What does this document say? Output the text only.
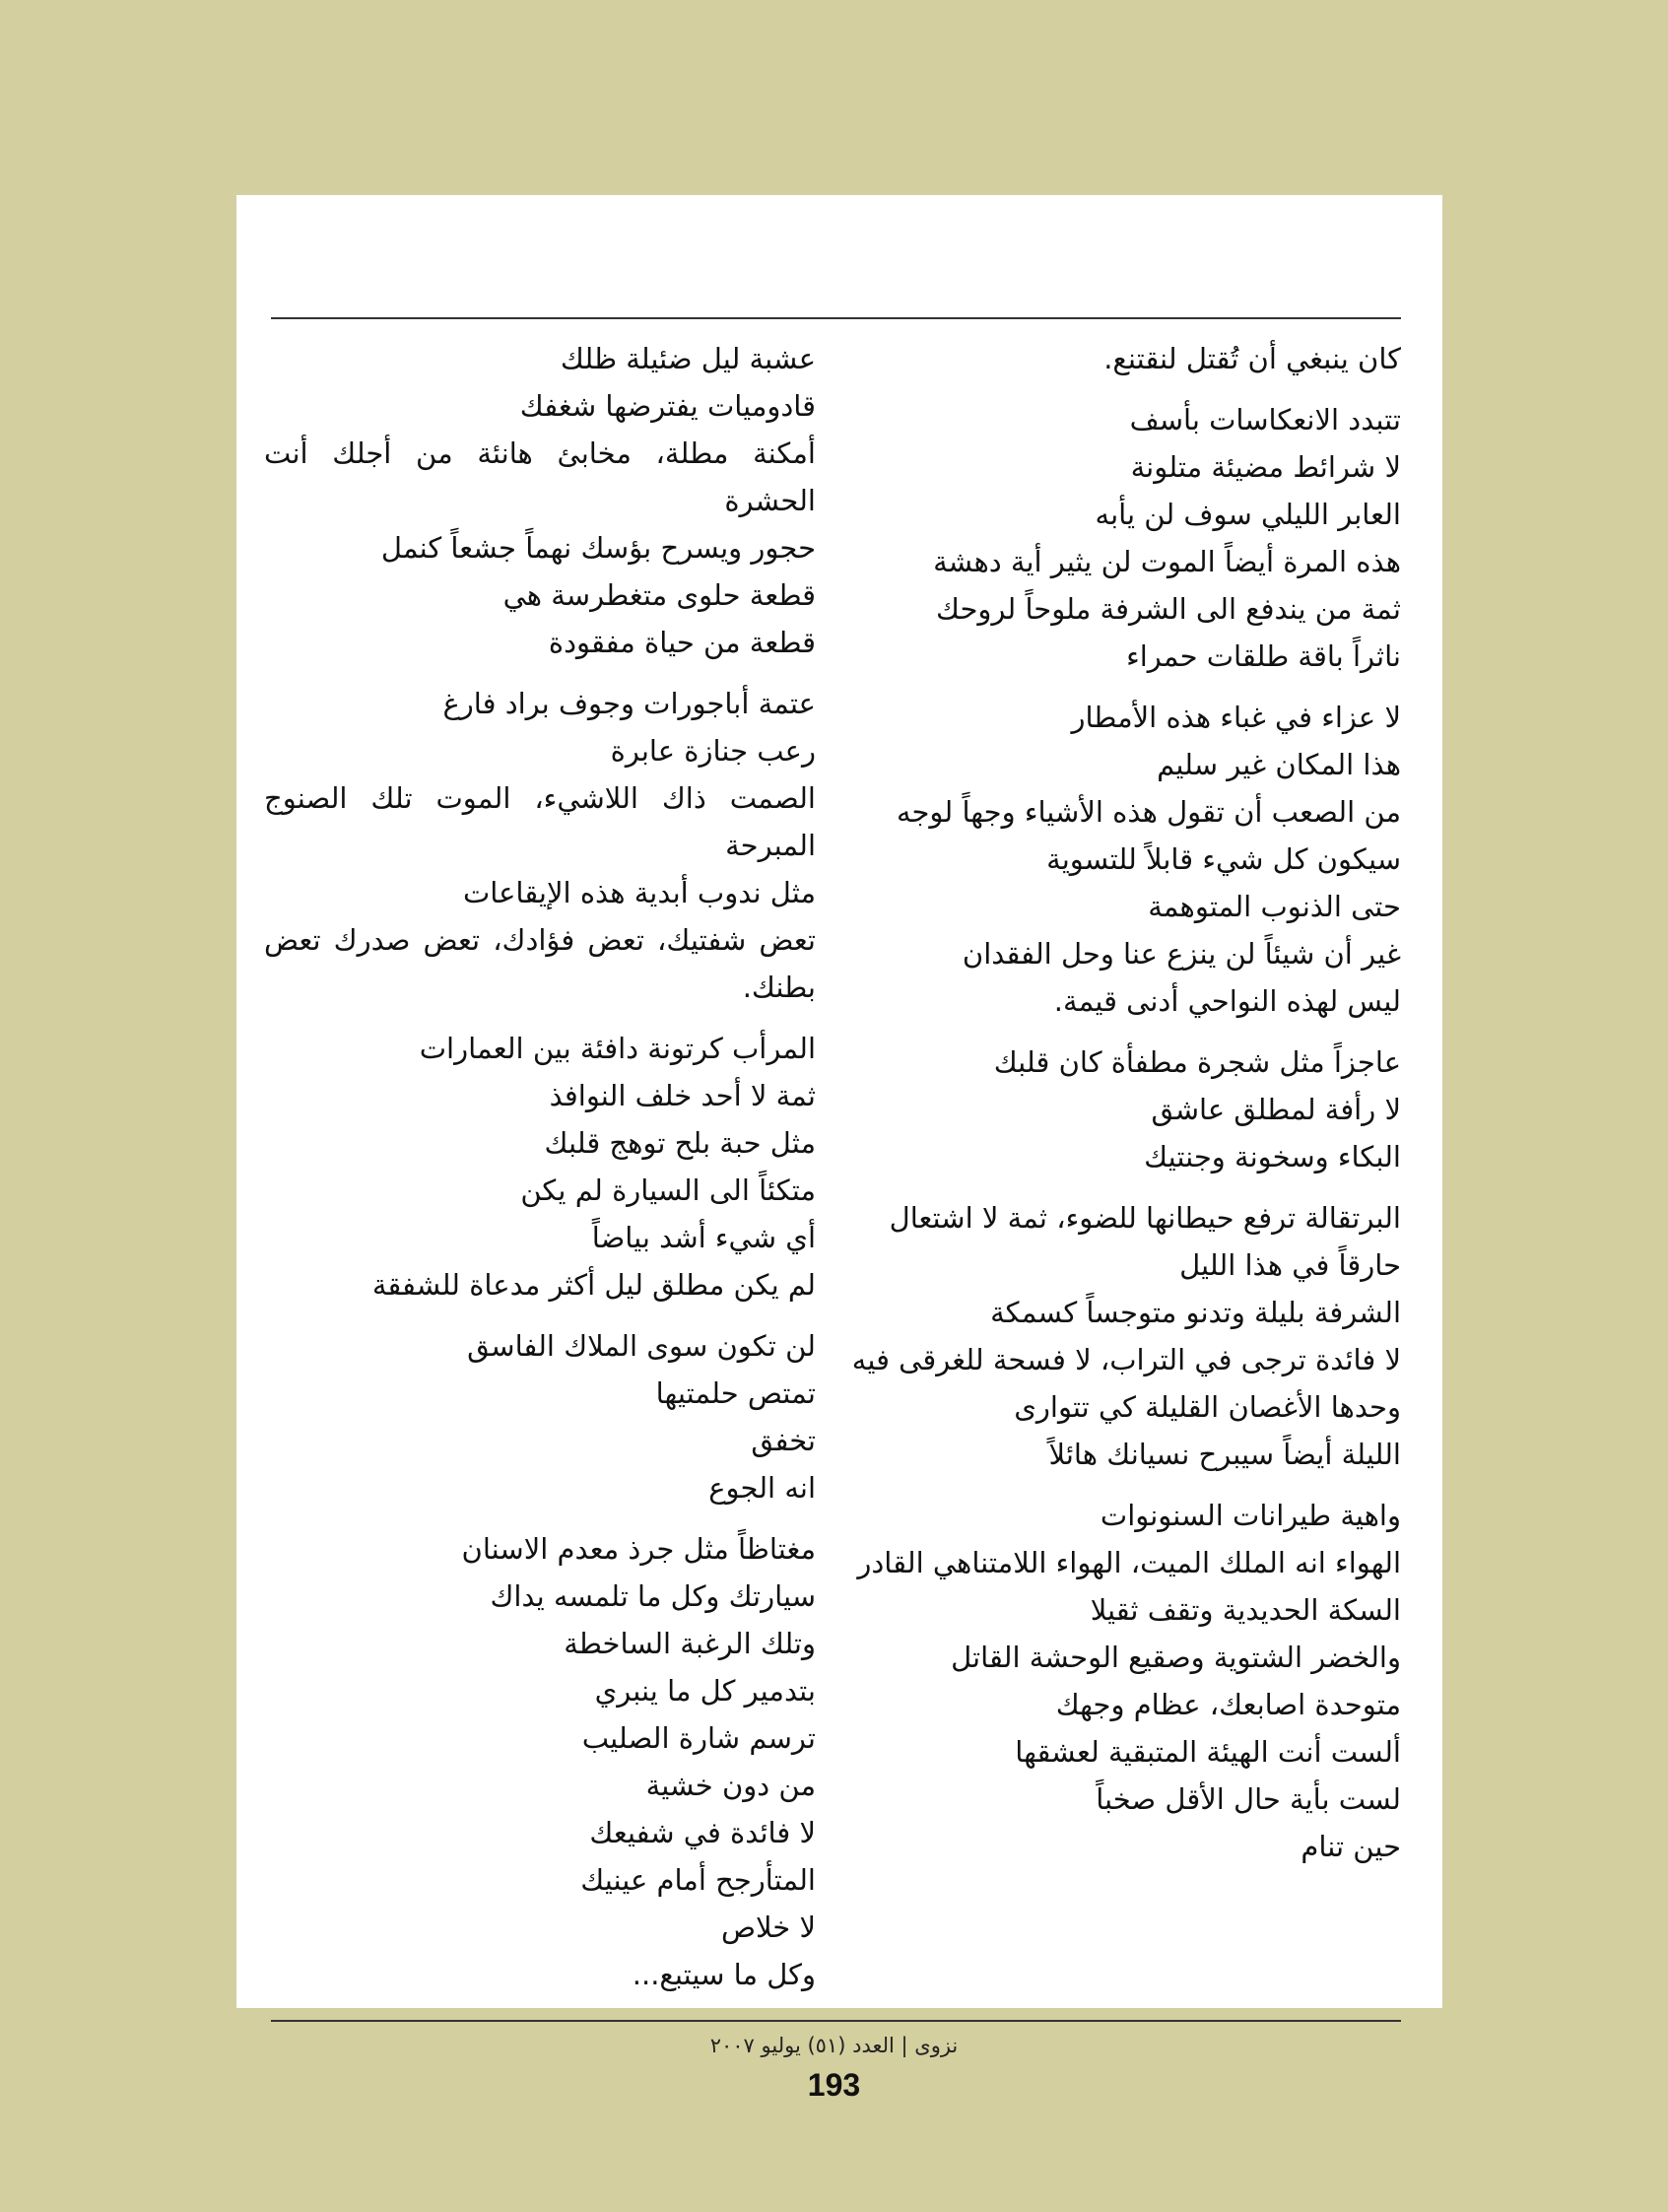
كان ينبغي أن تُقتل لنقتنع.
تتبدد الانعكاسات بأسف
لا شرائط مضيئة متلونة
العابر الليلي سوف لن يأبه
هذه المرة أيضاً الموت لن يثير أية دهشة
ثمة من يندفع الى الشرفة ملوحاً لروحك
ناثراً باقة طلقات حمراء
لا عزاء في غباء هذه الأمطار
هذا المكان غير سليم
من الصعب أن تقول هذه الأشياء وجهاً لوجه
سيكون كل شيء قابلاً للتسوية
حتى الذنوب المتوهمة
غير أن شيئاً لن ينزع عنا وحل الفقدان
ليس لهذه النواحي أدنى قيمة.
عاجزاً مثل شجرة مطفأة كان قلبك
لا رأفة لمطلق عاشق
البكاء وسخونة وجنتيك
البرتقالة ترفع حيطانها للضوء، ثمة لا اشتعال
حارقاً في هذا الليل
الشرفة بليلة وتدنو متوجساً كسمكة
لا فائدة ترجى في التراب، لا فسحة للغرقى فيه
وحدها الأغصان القليلة كي تتوارى
الليلة أيضاً سيبرح نسيانك هائلاً
واهية طيرانات السنونوات
الهواء انه الملك الميت، الهواء اللامتناهي القادر
السكة الحديدية وتقف ثقيلا
والخضر الشتوية وصقيع الوحشة القاتل
متوحدة اصابعك، عظام وجهك
ألست أنت الهيئة المتبقية لعشقها
لست بأية حال الأقل صخباً
حين تنام
عشبة ليل ضئيلة ظلك
قادوميات يفترضها شغفك
أمكنة مطلة، مخابئ هانئة من أجلك أنت الحشرة
حجور ويسرح بؤسك نهماً جشعاً كنمل
قطعة حلوى متغطرسة هي
قطعة من حياة مفقودة
عتمة أباجورات وجوف براد فارغ
رعب جنازة عابرة
الصمت ذاك اللاشيء، الموت تلك الصنوج المبرحة
مثل ندوب أبدية هذه الإيقاعات
تعض شفتيك، تعض فؤادك، تعض صدرك تعض بطنك.
المرأب كرتونة دافئة بين العمارات
ثمة لا أحد خلف النوافذ
مثل حبة بلح توهج قلبك
متكئاً الى السيارة لم يكن
أي شيء أشد بياضاً
لم يكن مطلق ليل أكثر مدعاة للشفقة
لن تكون سوى الملاك الفاسق
تمتص حلمتيها
تخفق
انه الجوع
مغتاظاً مثل جرذ معدم الاسنان
سيارتك وكل ما تلمسه يداك
وتلك الرغبة الساخطة
بتدمير كل ما ينبري
ترسم شارة الصليب
من دون خشية
لا فائدة في شفيعك
المتأرجح أمام عينيك
لا خلاص
وكل ما سيتبع...
نزوى | العدد (٥١) يوليو ٢٠٠٧
193
